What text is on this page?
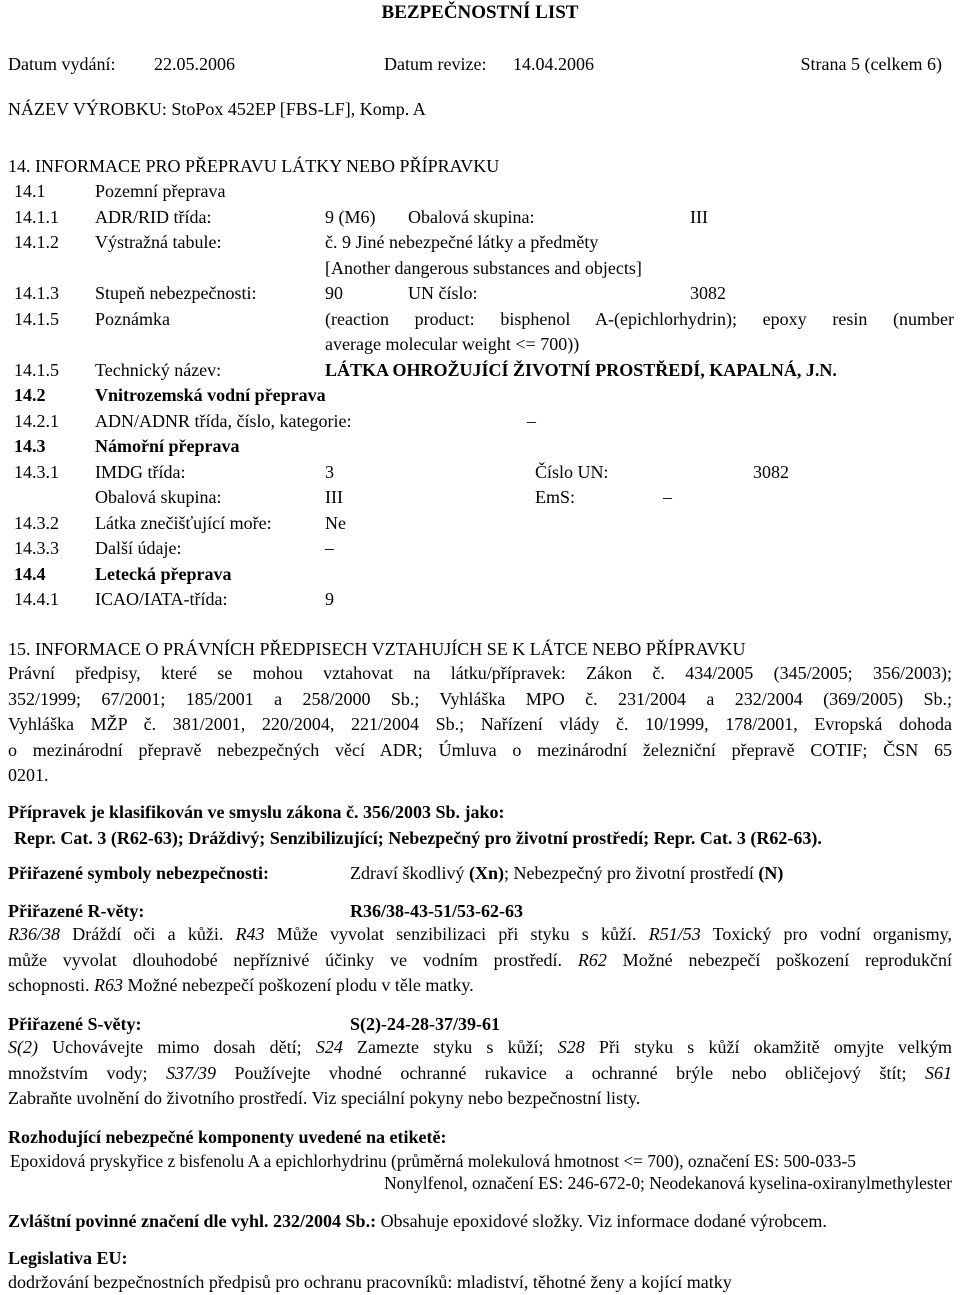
BEZPEČNOSTNÍ LIST
Datum vydání: 22.05.2006	Datum revize: 14.04.2006	Strana 5 (celkem 6)
NÁZEV VÝROBKU: StoPox 452EP [FBS-LF], Komp. A
14. INFORMACE PRO PŘEPRAVU LÁTKY NEBO PŘÍPRAVKU
14.1	Pozemní přeprava
14.1.1 ADR/RID třída:	9 (M6) Obalová skupina:	III
14.1.2 Výstražná tabule:	č. 9 Jiné nebezpečné látky a předměty
[Another dangerous substances and objects]
14.1.3 Stupeň nebezpečnosti:	90	UN číslo:	3082
14.1.5 Poznámka	(reaction product: bisphenol A-(epichlorhydrin); epoxy resin (number
average molecular weight <= 700))
14.1.5 Technický název:	LÁTKA OHROŽUJÍCÍ ŽIVOTNÍ PROSTŘEDÍ, KAPALNÁ, J.N.
14.2	Vnitrozemská vodní přeprava
14.2.1 ADN/ADNR třída, číslo, kategorie:	–
14.3	Námořní přeprava
14.3.1 IMDG třída:	3	Číslo UN:	3082
Obalová skupina:	III	EmS:	–
14.3.2 Látka znečišťující moře:	Ne
14.3.3 Další údaje:	–
14.4	Letecká přeprava
14.4.1 ICAO/IATA-třída:	9
15. INFORMACE O PRÁVNÍCH PŘEDPISECH VZTAHUJÍCH SE K LÁTCE NEBO PŘÍPRAVKU
Právní předpisy, které se mohou vztahovat na látku/přípravek: Zákon č. 434/2005 (345/2005; 356/2003);
352/1999; 67/2001; 185/2001 a 258/2000 Sb.; Vyhláška MPO č. 231/2004 a 232/2004 (369/2005) Sb.;
Vyhláška MŽP č. 381/2001, 220/2004, 221/2004 Sb.; Nařízení vlády č. 10/1999, 178/2001, Evropská dohoda
o mezinárodní přepravě nebezpečných věcí ADR; Úmluva o mezinárodní železniční přepravě COTIF; ČSN 65
0201.
Přípravek je klasifikován ve smyslu zákona č. 356/2003 Sb. jako:
Repr. Cat. 3 (R62-63); Dráždivý; Senzibilizující; Nebezpečný pro životní prostředí; Repr. Cat. 3 (R62-63).
Přiřazené symboly nebezpečnosti:	Zdraví škodlivý (Xn); Nebezpečný pro životní prostředí (N)
Přiřazené R-věty:	R36/38-43-51/53-62-63
R36/38 Dráždí oči a kůži. R43 Může vyvolat senzibilizaci při styku s kůží. R51/53 Toxický pro vodní organismy,
může vyvolat dlouhodobé nepříznivé účinky ve vodním prostředí. R62 Možné nebezpečí poškození reprodukční
schopnosti. R63 Možné nebezpečí poškození plodu v těle matky.
Přiřazené S-věty:	S(2)-24-28-37/39-61
S(2) Uchovávejte mimo dosah dětí; S24 Zamezte styku s kůží; S28 Při styku s kůží okamžitě omyjte velkým
množstvím vody; S37/39 Používejte vhodné ochranné rukavice a ochranné brýle nebo obličejový štít; S61
Zabraňte uvolnění do životního prostředí. Viz speciální pokyny nebo bezpečnostní listy.
Rozhodující nebezpečné komponenty uvedené na etiketě:
Epoxidová pryskyřice z bisfenolu A a epichlorhydrinu (průměrná molekulová hmotnost <= 700), označení ES: 500-033-5
Nonylfenol, označení ES: 246-672-0; Neodekanová kyselina-oxiranylmethylester
Zvláštní povinné značení dle vyhl. 232/2004 Sb.: Obsahuje epoxidové složky. Viz informace dodané výrobcem.
Legislativa EU:
dodržování bezpečnostních předpisů pro ochranu pracovníků: mladiství, těhotné ženy a kojící matky
